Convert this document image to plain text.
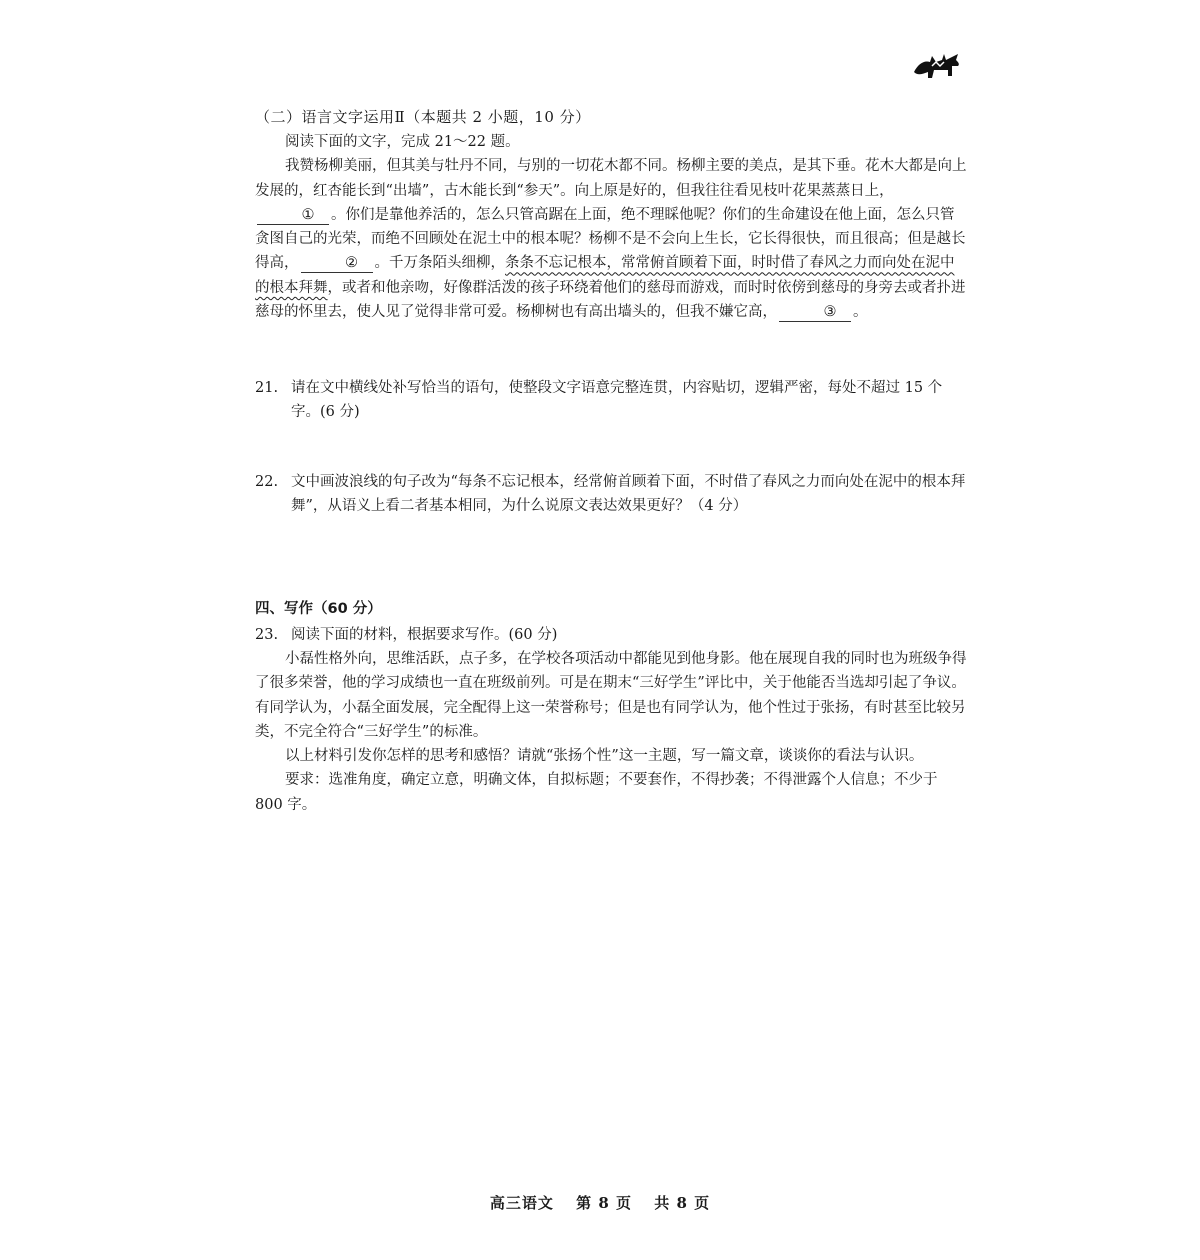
（二）语言文字运用Ⅱ（本题共 2 小题，10 分）
阅读下面的文字，完成 21～22 题。
我赞杨柳美丽，但其美与牡丹不同，与别的一切花木都不同。杨柳主要的美点，是其下垂。花木大都是向上发展的，红杏能长到“出墙”，古木能长到“参天”。向上原是好的，但我往往看见枝叶花果蒸蒸日上，① 。你们是靠他养活的，怎么只管高踞在上面，绝不理睬他呢？你们的生命建设在他上面，怎么只管贪图自己的光荣，而绝不回顾处在泥土中的根本呢？杨柳不是不会向上生长，它长得很快，而且很高；但是越长得高，	② 。千万条陌头细柳，条条不忘记根本，常常俯首顾着下面，时时借了春风之力而向处在泥中的根本拜舞，或者和他亲吻，好像群活泼的孩子环绕着他们的慈母而游戏，而时时依傍到慈母的身旁去或者扑进慈母的怀里去，使人见了觉得非常可爱。杨柳树也有高出墙头的，但我不嫌它高，	③ 。
21. 请在文中横线处补写恰当的语句，使整段文字语意完整连贯，内容贴切，逻辑严密，每处不超过 15 个字。(6 分)
22. 文中画波浪线的句子改为“每条不忘记根本，经常俯首顾着下面，不时借了春风之力而向处在泥中的根本拜舞”，从语义上看二者基本相同，为什么说原文表达效果更好？（4 分）
四、写作（60 分）
23. 阅读下面的材料，根据要求写作。(60 分)
小磊性格外向，思维活跃，点子多，在学校各项活动中都能见到他身影。他在展现自我的同时也为班级争得了很多荣誉，他的学习成绩也一直在班级前列。可是在期末“三好学生”评比中，关于他能否当选却引起了争议。有同学认为，小磊全面发展，完全配得上这一荣誉称号；但是也有同学认为，他个性过于张扬，有时甚至比较另类，不完全符合“三好学生”的标准。
以上材料引发你怎样的思考和感悟？请就“张扬个性”这一主题，写一篇文章，谈谈你的看法与认识。
要求：选准角度，确定立意，明确文体，自拟标题；不要套作，不得抄袭；不得泄露个人信息；不少于 800 字。
高三语文 第 8 页 共 8 页
